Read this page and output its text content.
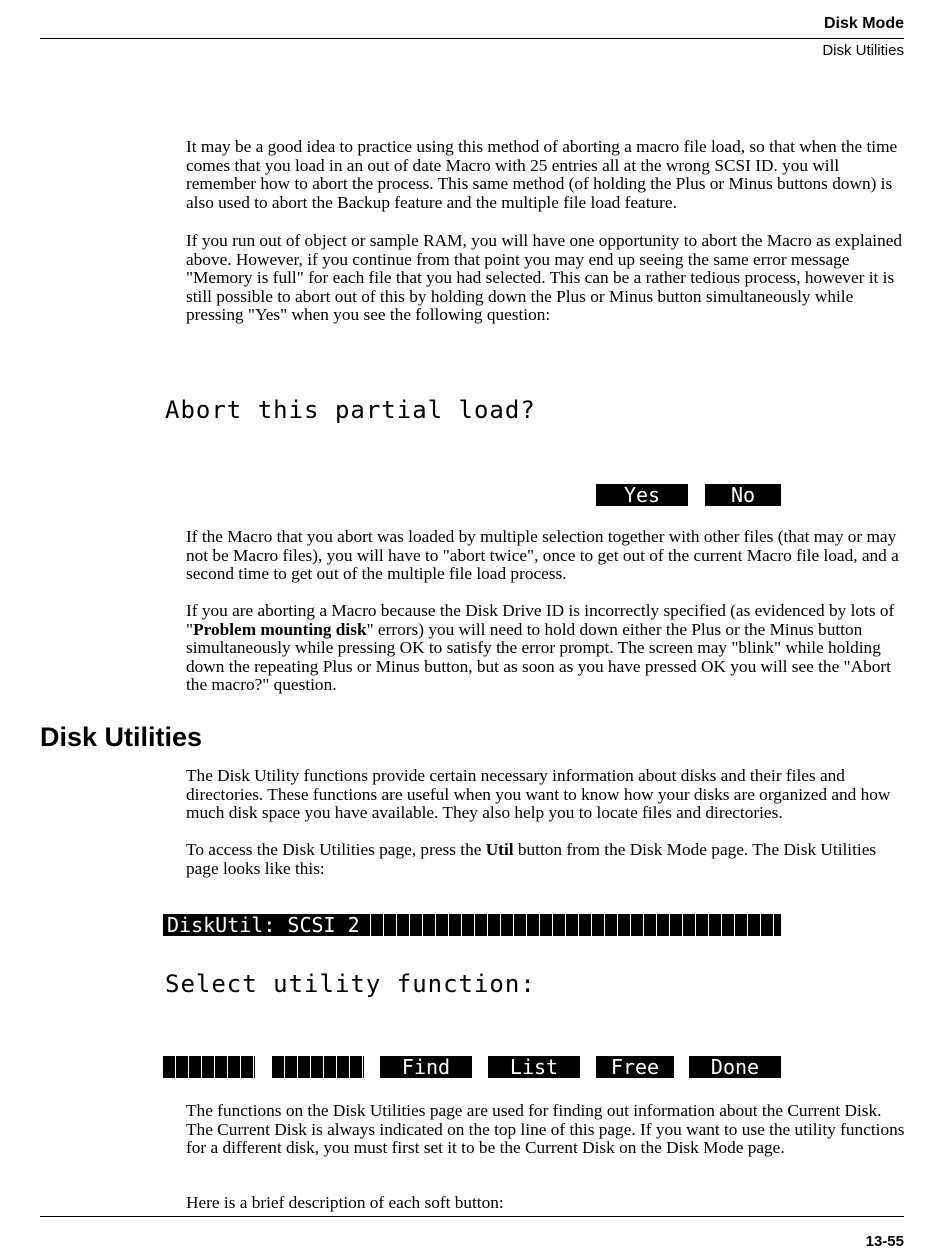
Disk Mode
Disk Utilities

It may be a good idea to practice using this method of aborting a macro file load, so that when the time comes that you load in an out of date Macro with 25 entries all at the wrong SCSI ID. you will remember how to abort the process. This same method (of holding the Plus or Minus buttons down) is also used to abort the Backup feature and the multiple file load feature.

If you run out of object or sample RAM, you will have one opportunity to abort the Macro as explained above. However, if you continue from that point you may end up seeing the same error message "Memory is full" for each file that you had selected. This can be a rather tedious process, however it is still possible to abort out of this by holding down the Plus or Minus button simultaneously while pressing "Yes" when you see the following question:

Abort this partial load?
Yes	No

If the Macro that you abort was loaded by multiple selection together with other files (that may or may not be Macro files), you will have to "abort twice", once to get out of the current Macro file load, and a second time to get out of the multiple file load process.

If you are aborting a Macro because the Disk Drive ID is incorrectly specified (as evidenced by lots of "Problem mounting disk" errors) you will need to hold down either the Plus or the Minus button simultaneously while pressing OK to satisfy the error prompt. The screen may "blink" while holding down the repeating Plus or Minus button, but as soon as you have pressed OK you will see the "Abort the macro?" question.

Disk Utilities

The Disk Utility functions provide certain necessary information about disks and their files and directories. These functions are useful when you want to know how your disks are organized and how much disk space you have available. They also help you to locate files and directories.

To access the Disk Utilities page, press the Util button from the Disk Mode page. The Disk Utilities page looks like this:

DiskUtil: SCSI 2
Select utility function:
Find	List	Free	Done

The functions on the Disk Utilities page are used for finding out information about the Current Disk. The Current Disk is always indicated on the top line of this page. If you want to use the utility functions for a different disk, you must first set it to be the Current Disk on the Disk Mode page.

Here is a brief description of each soft button:

13-55
